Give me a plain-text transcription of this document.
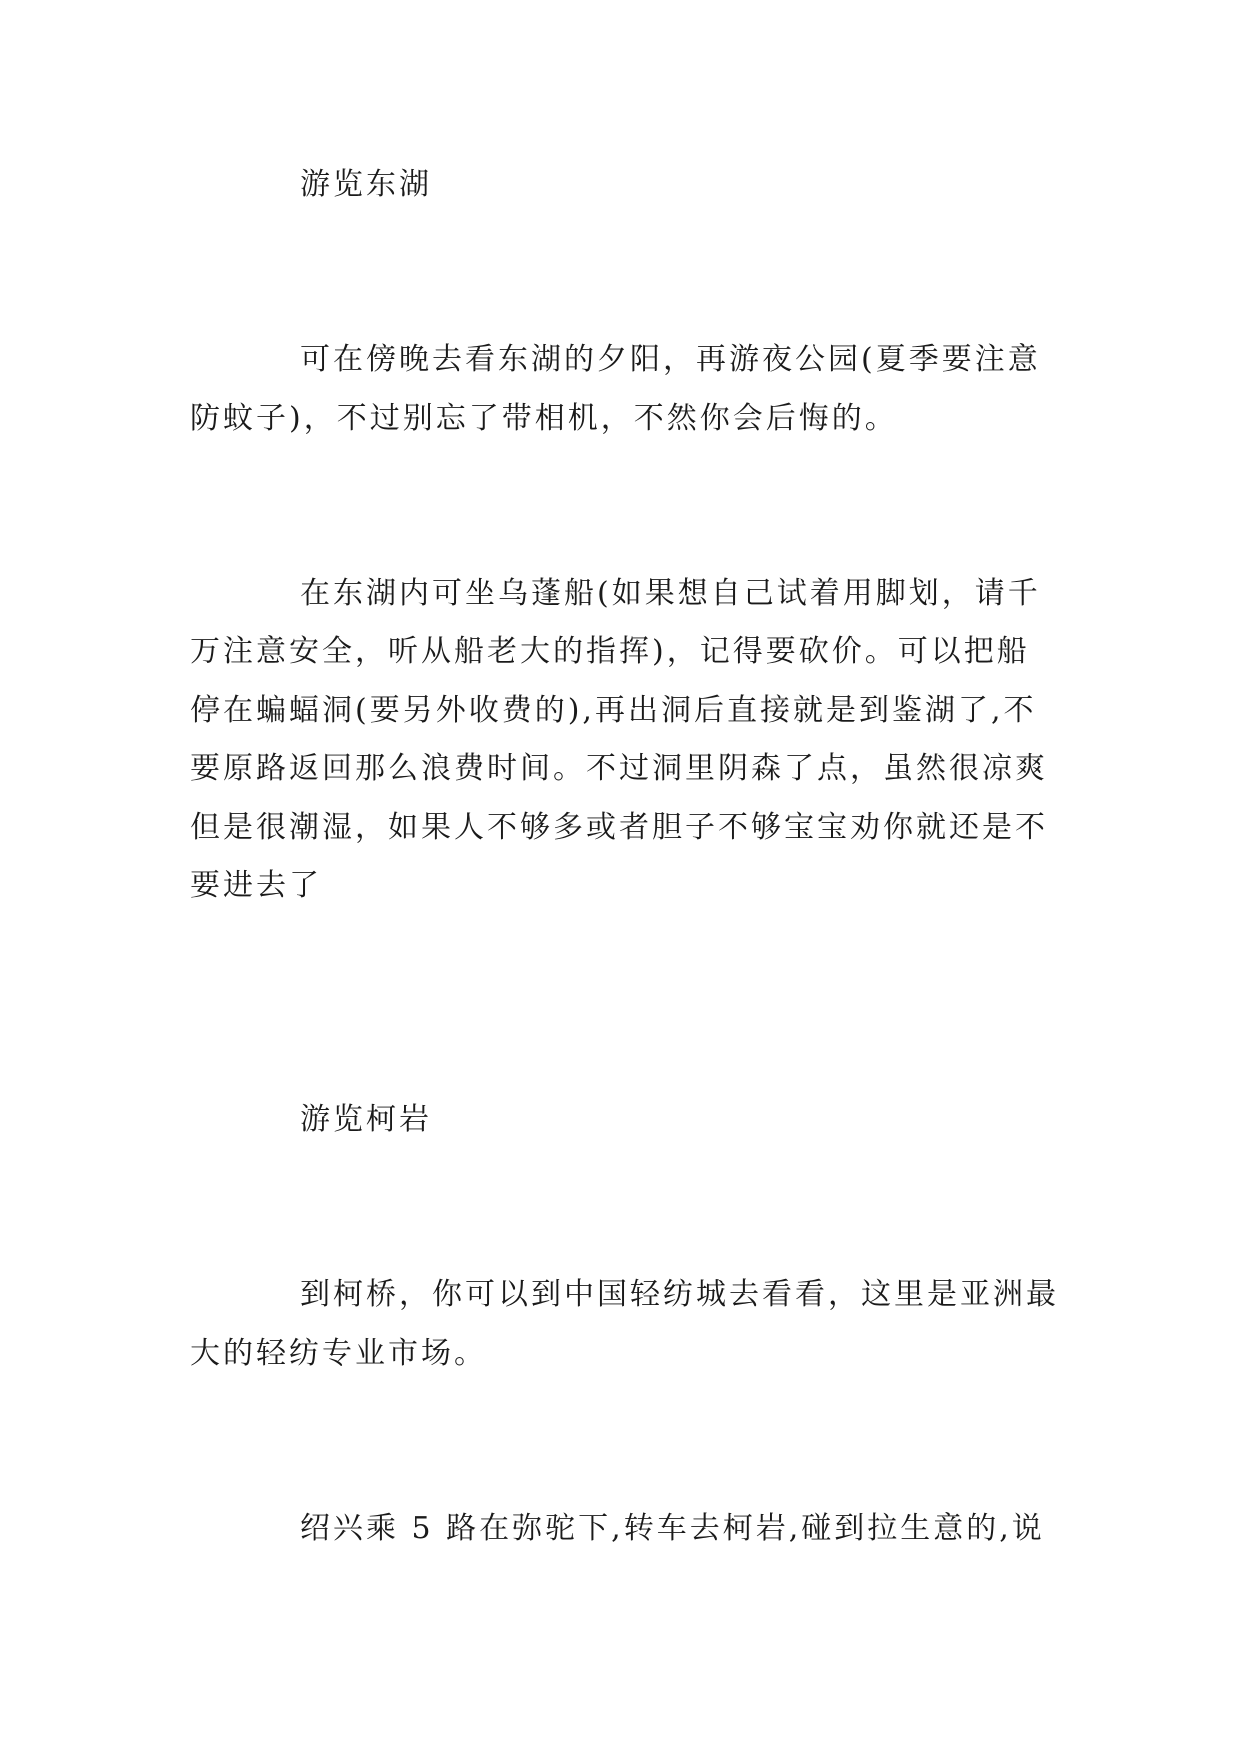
游览东湖
可在傍晚去看东湖的夕阳，再游夜公园(夏季要注意
防蚊子)，不过别忘了带相机，不然你会后悔的。
在东湖内可坐乌蓬船(如果想自己试着用脚划，请千
万注意安全，听从船老大的指挥)，记得要砍价。可以把船
停在蝙蝠洞(要另外收费的),再出洞后直接就是到鉴湖了,不
要原路返回那么浪费时间。不过洞里阴森了点，虽然很凉爽
但是很潮湿，如果人不够多或者胆子不够宝宝劝你就还是不
要进去了
游览柯岩
到柯桥，你可以到中国轻纺城去看看，这里是亚洲最
大的轻纺专业市场。
绍兴乘 5 路在弥驼下,转车去柯岩,碰到拉生意的,说
